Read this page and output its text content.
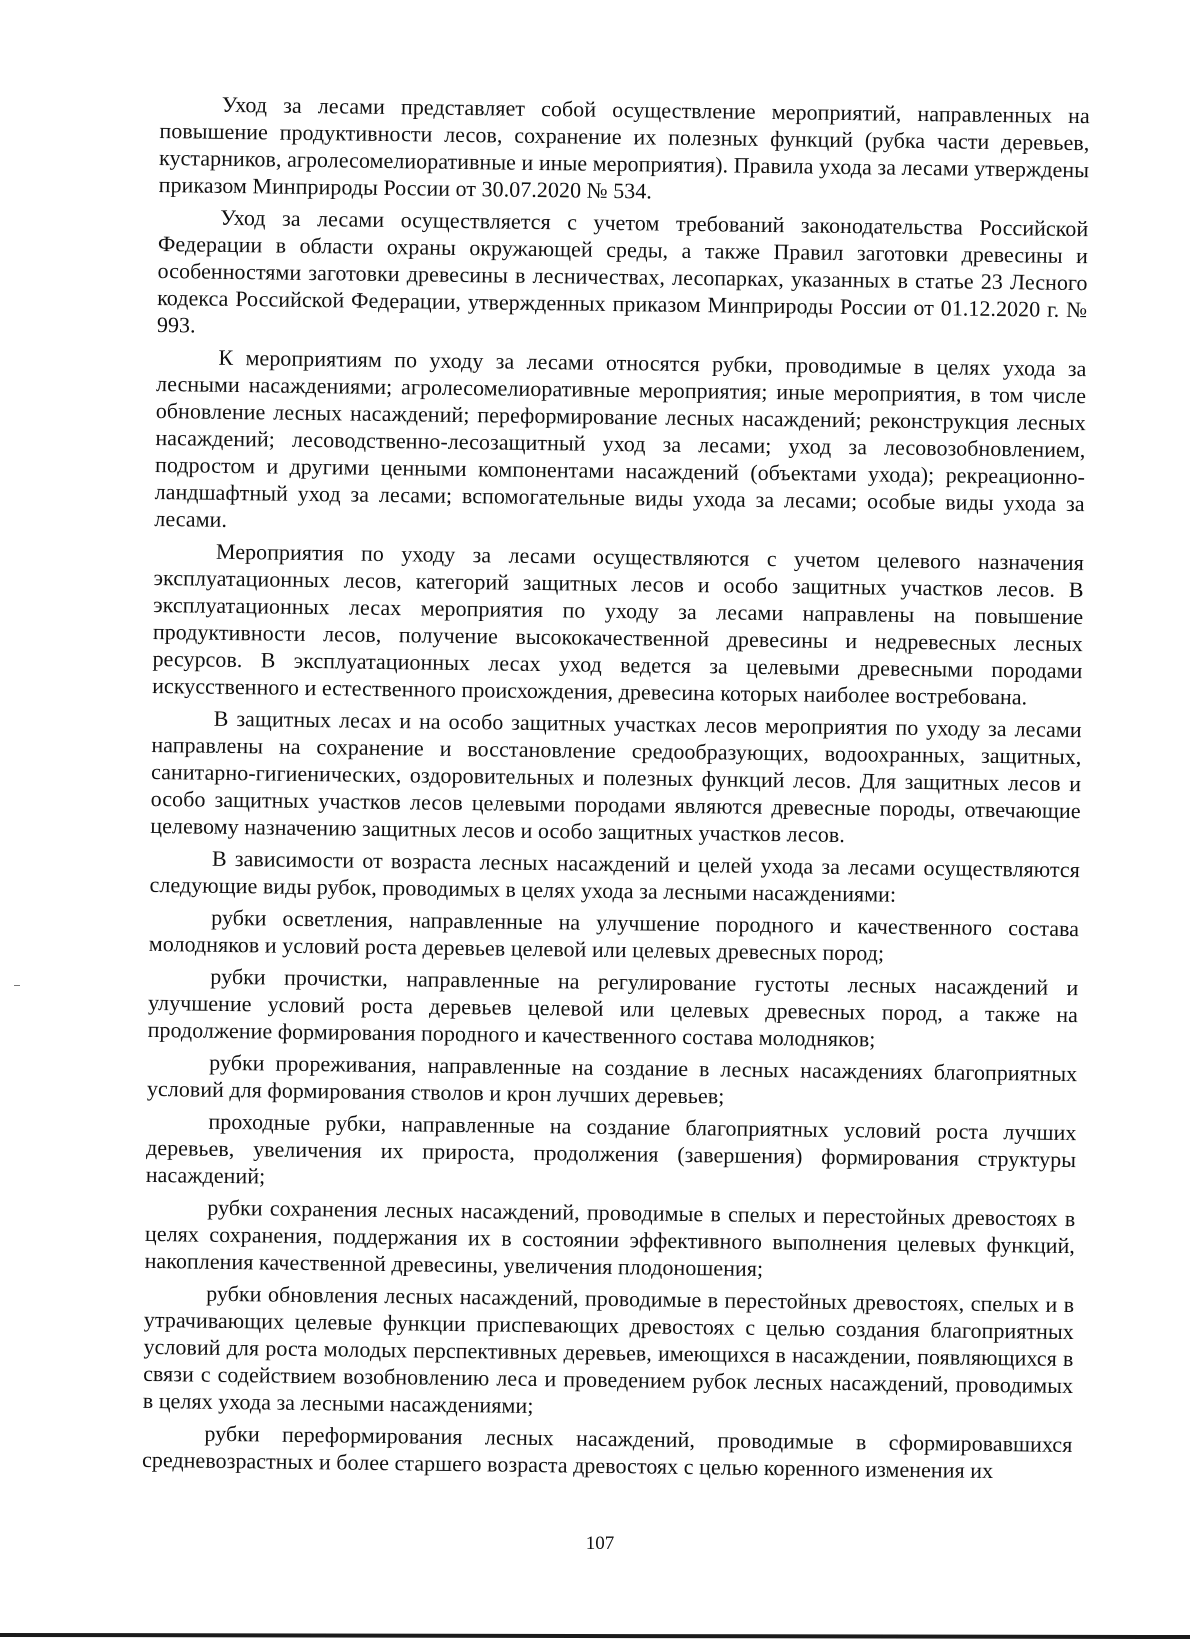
Уход за лесами представляет собой осуществление мероприятий, направленных на повышение продуктивности лесов, сохранение их полезных функций (рубка части деревьев, кустарников, агролесомелиоративные и иные мероприятия). Правила ухода за лесами утверждены приказом Минприроды России от 30.07.2020 № 534.

Уход за лесами осуществляется с учетом требований законодательства Российской Федерации в области охраны окружающей среды, а также Правил заготовки древесины и особенностями заготовки древесины в лесничествах, лесопарках, указанных в статье 23 Лесного кодекса Российской Федерации, утвержденных приказом Минприроды России от 01.12.2020 г. № 993.

К мероприятиям по уходу за лесами относятся рубки, проводимые в целях ухода за лесными насаждениями; агролесомелиоративные мероприятия; иные мероприятия, в том числе обновление лесных насаждений; переформирование лесных насаждений; реконструкция лесных насаждений; лесоводственно-лесозащитный уход за лесами; уход за лесовозобновлением, подростом и другими ценными компонентами насаждений (объектами ухода); рекреационно-ландшафтный уход за лесами; вспомогательные виды ухода за лесами; особые виды ухода за лесами.

Мероприятия по уходу за лесами осуществляются с учетом целевого назначения эксплуатационных лесов, категорий защитных лесов и особо защитных участков лесов. В эксплуатационных лесах мероприятия по уходу за лесами направлены на повышение продуктивности лесов, получение высококачественной древесины и недревесных лесных ресурсов. В эксплуатационных лесах уход ведется за целевыми древесными породами искусственного и естественного происхождения, древесина которых наиболее востребована.

В защитных лесах и на особо защитных участках лесов мероприятия по уходу за лесами направлены на сохранение и восстановление средообразующих, водоохранных, защитных, санитарно-гигиенических, оздоровительных и полезных функций лесов. Для защитных лесов и особо защитных участков лесов целевыми породами являются древесные породы, отвечающие целевому назначению защитных лесов и особо защитных участков лесов.

В зависимости от возраста лесных насаждений и целей ухода за лесами осуществляются следующие виды рубок, проводимых в целях ухода за лесными насаждениями:

рубки осветления, направленные на улучшение породного и качественного состава молодняков и условий роста деревьев целевой или целевых древесных пород;

рубки прочистки, направленные на регулирование густоты лесных насаждений и улучшение условий роста деревьев целевой или целевых древесных пород, а также на продолжение формирования породного и качественного состава молодняков;

рубки прореживания, направленные на создание в лесных насаждениях благоприятных условий для формирования стволов и крон лучших деревьев;

проходные рубки, направленные на создание благоприятных условий роста лучших деревьев, увеличения их прироста, продолжения (завершения) формирования структуры насаждений;

рубки сохранения лесных насаждений, проводимые в спелых и перестойных древостоях в целях сохранения, поддержания их в состоянии эффективного выполнения целевых функций, накопления качественной древесины, увеличения плодоношения;

рубки обновления лесных насаждений, проводимые в перестойных древостоях, спелых и в утрачивающих целевые функции приспевающих древостоях с целью создания благоприятных условий для роста молодых перспективных деревьев, имеющихся в насаждении, появляющихся в связи с содействием возобновлению леса и проведением рубок лесных насаждений, проводимых в целях ухода за лесными насаждениями;

рубки переформирования лесных насаждений, проводимые в сформировавшихся средневозрастных и более старшего возраста древостоях с целью коренного изменения их

107
